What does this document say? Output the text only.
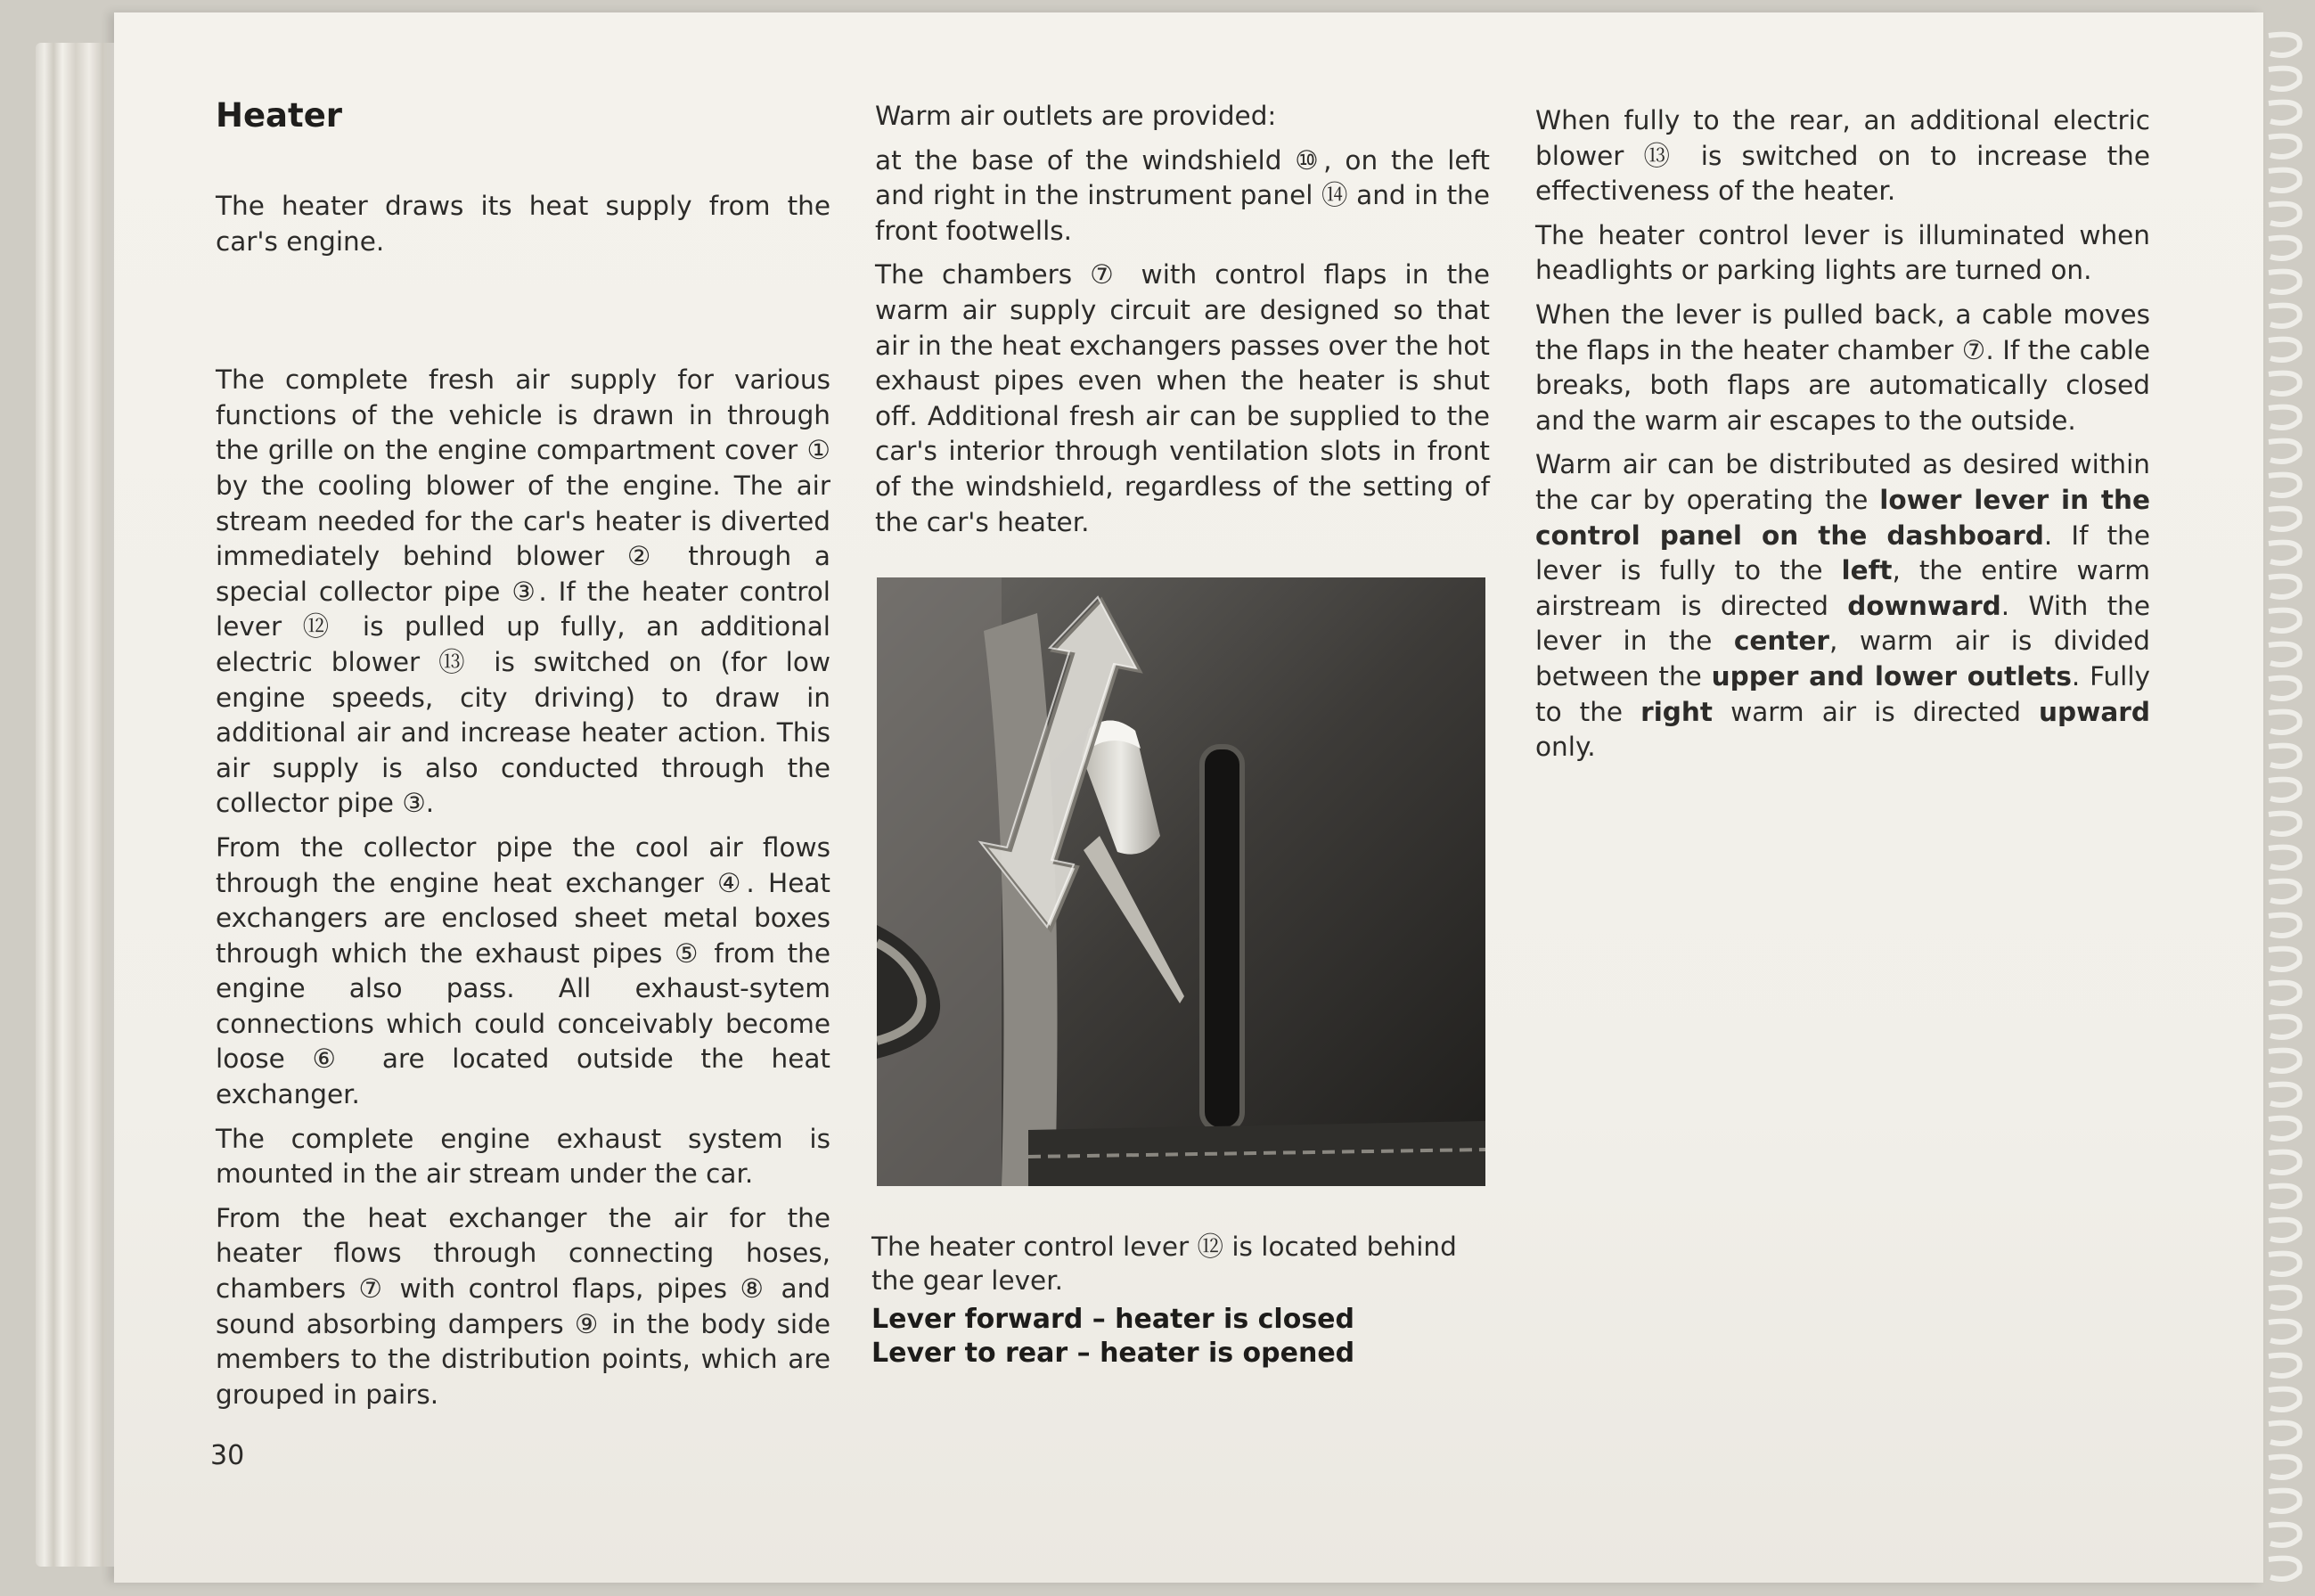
Heater

The heater draws its heat supply from the car's engine.

The complete fresh air supply for various functions of the vehicle is drawn in through the grille on the engine compartment cover ① by the cooling blower of the engine. The air stream needed for the car's heater is diverted immediately behind blower ② through a special collector pipe ③. If the heater control lever ⑫ is pulled up fully, an additional electric blower ⑬ is switched on (for low engine speeds, city driving) to draw in additional air and increase heater action. This air supply is also conducted through the collector pipe ③.

From the collector pipe the cool air flows through the engine heat exchanger ④. Heat exchangers are enclosed sheet metal boxes through which the exhaust pipes ⑤ from the engine also pass. All exhaust-sytem connections which could conceivably become loose ⑥ are located outside the heat exchanger.

The complete engine exhaust system is mounted in the air stream under the car.

From the heat exchanger the air for the heater flows through connecting hoses, chambers ⑦ with control flaps, pipes ⑧ and sound absorbing dampers ⑨ in the body side members to the distribution points, which are grouped in pairs.

Warm air outlets are provided:

at the base of the windshield ⑩, on the left and right in the instrument panel ⑭ and in the front footwells.

The chambers ⑦ with control flaps in the warm air supply circuit are designed so that air in the heat exchangers passes over the hot exhaust pipes even when the heater is shut off. Additional fresh air can be supplied to the car's interior through ventilation slots in front of the windshield, regardless of the setting of the car's heater.

The heater control lever ⑫ is located behind the gear lever.

Lever forward – heater is closed

Lever to rear – heater is opened

When fully to the rear, an additional electric blower ⑬ is switched on to increase the effectiveness of the heater.

The heater control lever is illuminated when headlights or parking lights are turned on.

When the lever is pulled back, a cable moves the flaps in the heater chamber ⑦. If the cable breaks, both flaps are automatically closed and the warm air escapes to the outside.

Warm air can be distributed as desired within the car by operating the lower lever in the control panel on the dashboard. If the lever is fully to the left, the entire warm airstream is directed downward. With the lever in the center, warm air is divided between the upper and lower outlets. Fully to the right warm air is directed upward only.

30
